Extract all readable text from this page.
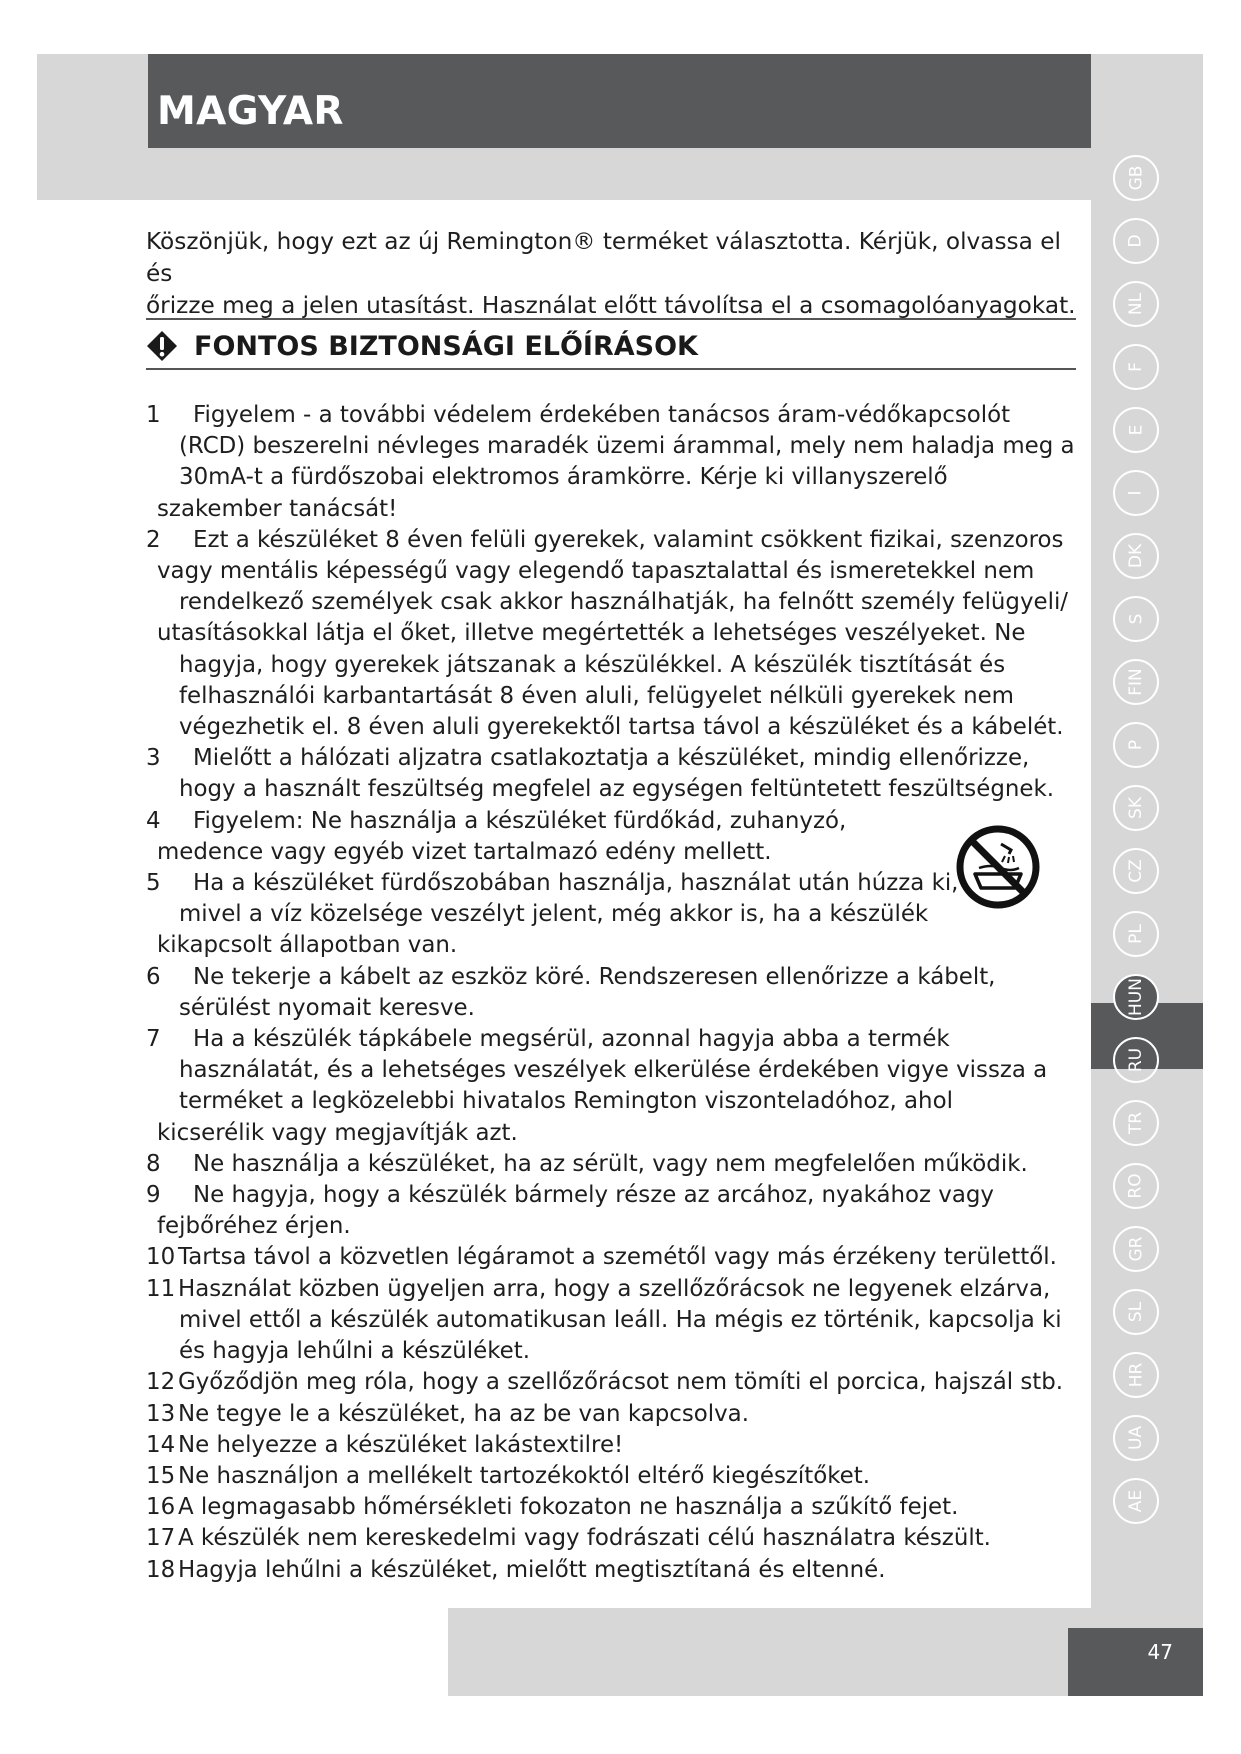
MAGYAR

Köszönjük, hogy ezt az új Remington® terméket választotta. Kérjük, olvassa el és
őrizze meg a jelen utasítást. Használat előtt távolítsa el a csomagolóanyagokat.

FONTOS BIZTONSÁGI ELŐÍRÁSOK
1 Figyelem - a további védelem érdekében tanácsos áram-védőkapcsolót
(RCD) beszerelni névleges maradék üzemi árammal, mely nem haladja meg a
30mA-t a fürdőszobai elektromos áramkörre. Kérje ki villanyszerelő
szakember tanácsát!
2 Ezt a készüléket 8 éven felüli gyerekek, valamint csökkent fizikai, szenzoros
vagy mentális képességű vagy elegendő tapasztalattal és ismeretekkel nem
rendelkező személyek csak akkor használhatják, ha felnőtt személy felügyeli/
utasításokkal látja el őket, illetve megértették a lehetséges veszélyeket. Ne
hagyja, hogy gyerekek játszanak a készülékkel. A készülék tisztítását és
felhasználói karbantartását 8 éven aluli, felügyelet nélküli gyerekek nem
végezhetik el. 8 éven aluli gyerekektől tartsa távol a készüléket és a kábelét.
3 Mielőtt a hálózati aljzatra csatlakoztatja a készüléket, mindig ellenőrizze,
hogy a használt feszültség megfelel az egységen feltüntetett feszültségnek.
4 Figyelem: Ne használja a készüléket fürdőkád, zuhanyzó,
medence vagy egyéb vizet tartalmazó edény mellett.
5 Ha a készüléket fürdőszobában használja, használat után húzza ki,
mivel a víz közelsége veszélyt jelent, még akkor is, ha a készülék
kikapcsolt állapotban van.
6 Ne tekerje a kábelt az eszköz köré. Rendszeresen ellenőrizze a kábelt,
sérülést nyomait keresve.
7 Ha a készülék tápkábele megsérül, azonnal hagyja abba a termék
használatát, és a lehetséges veszélyek elkerülése érdekében vigye vissza a
terméket a legközelebbi hivatalos Remington viszonteladóhoz, ahol
kicserélik vagy megjavítják azt.
8 Ne használja a készüléket, ha az sérült, vagy nem megfelelően működik.
9 Ne hagyja, hogy a készülék bármely része az arcához, nyakához vagy
fejbőréhez érjen.
10 Tartsa távol a közvetlen légáramot a szemétől vagy más érzékeny területtől.
11 Használat közben ügyeljen arra, hogy a szellőzőrácsok ne legyenek elzárva,
mivel ettől a készülék automatikusan leáll. Ha mégis ez történik, kapcsolja ki
és hagyja lehűlni a készüléket.
12 Győződjön meg róla, hogy a szellőzőrácsot nem tömíti el porcica, hajszál stb.
13 Ne tegye le a készüléket, ha az be van kapcsolva.
14 Ne helyezze a készüléket lakástextilre!
15 Ne használjon a mellékelt tartozékoktól eltérő kiegészítőket.
16 A legmagasabb hőmérsékleti fokozaton ne használja a szűkítő fejet.
17 A készülék nem kereskedelmi vagy fodrászati célú használatra készült.
18 Hagyja lehűlni a készüléket, mielőtt megtisztítaná és eltenné.
GB
D
NL
F
E
I
DK
S
FIN
P
SK
CZ
PL
HUN
RU
TR
RO
GR
SL
HR
UA
AE
47
